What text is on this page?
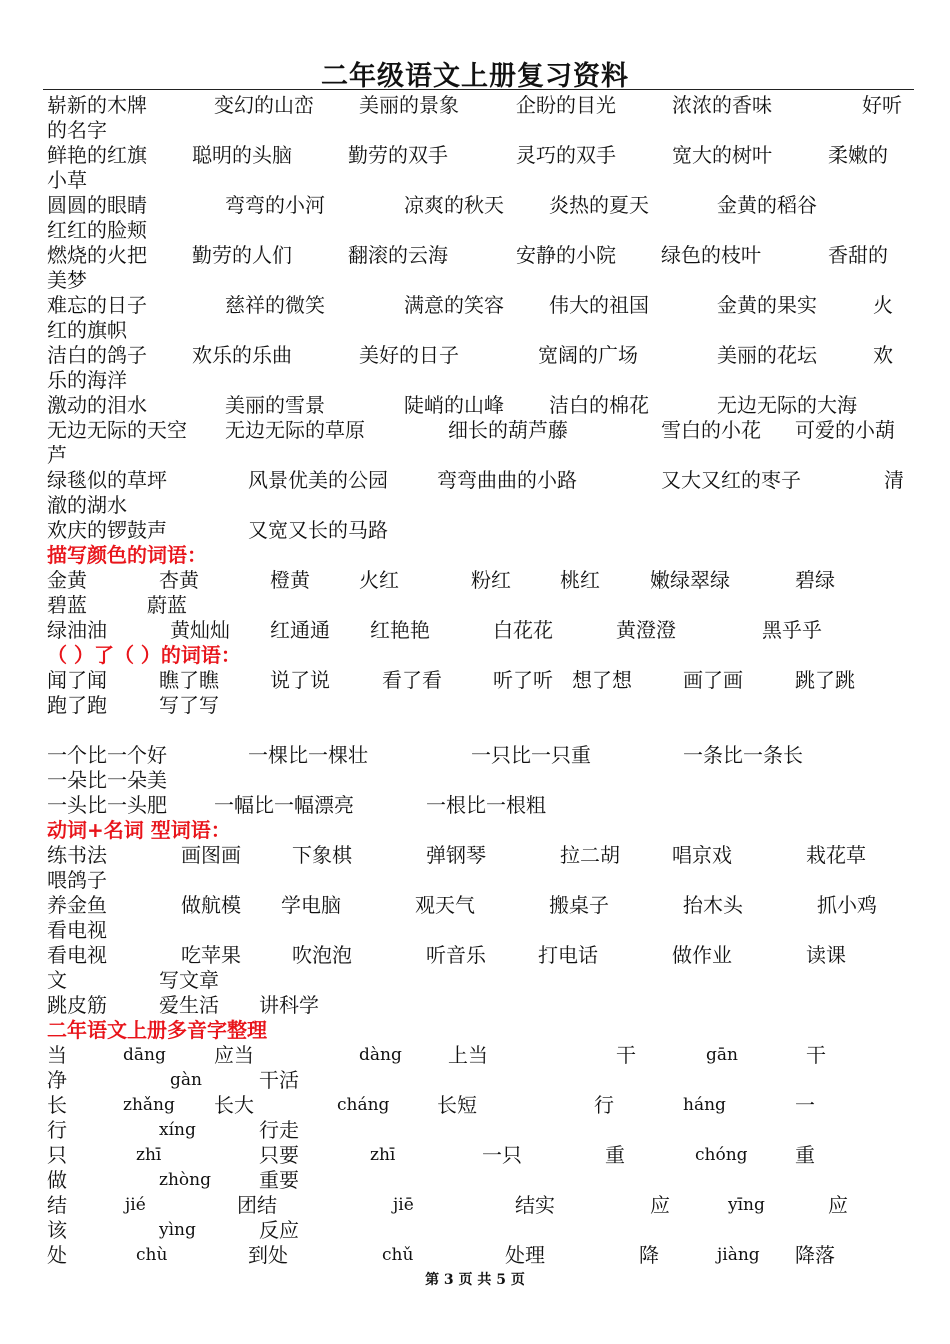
二年级语文上册复习资料
崭新的木牌	变幻的山峦 美丽的景象	企盼的目光	浓浓的香味	好听
的名字
鲜艳的红旗 聪明的头脑	勤劳的双手	灵巧的双手	宽大的树叶	柔嫩的
小草
圆圆的眼睛	弯弯的小河	凉爽的秋天 炎热的夏天	金黄的稻谷
红红的脸颊
燃烧的火把 勤劳的人们	翻滚的云海	安静的小院 绿色的枝叶	香甜的
美梦
难忘的日子	慈祥的微笑	满意的笑容 伟大的祖国	金黄的果实	火
红的旗帜
洁白的鸽子 欢乐的乐曲	美好的日子	宽阔的广场	美丽的花坛	欢
乐的海洋
激动的泪水	美丽的雪景	陡峭的山峰 洁白的棉花	无边无际的大海
无边无际的天空 无边无际的草原	细长的葫芦藤	雪白的小花 可爱的小葫
芦
绿毯似的草坪	风景优美的公园 弯弯曲曲的小路	又大又红的枣子	清
澈的湖水
欢庆的锣鼓声	又宽又长的马路
描写颜色的词语：
金黄	杏黄	橙黄 火红	粉红 桃红	嫩绿翠绿	碧绿
碧蓝	蔚蓝
绿油油	黄灿灿 红通通 红艳艳	白花花	黄澄澄	黑乎乎
（ ）了（ ）的词语：
闻了闻	瞧了瞧	说了说	看了看	听了听 想了想	画了画	跳了跳
跑了跑	写了写
一个比一个好	一棵比一棵壮	一只比一只重	一条比一条长
一朵比一朵美
一头比一头肥 一幅比一幅漂亮	一根比一根粗
动词+名词 型词语：
练书法	画图画	下象棋	弹钢琴	拉二胡	唱京戏	栽花草
喂鸽子
养金鱼	做航模 学电脑	观天气	搬桌子	抬木头	抓小鸡
看电视
看电视	吃苹果	吹泡泡	听音乐	打电话	做作业	读课
文	写文章
跳皮筋	爱生活 讲科学
二年语文上册多音字整理
当	dāng 应当	dàng 上当	干	gān	干
净	gàn	干活
长	zhǎng 长大	cháng 长短	行	háng	一
行	xíng	行走
只	zhī	只要	zhī	一只	重	chóng 重
做	zhòng 重要
结	jié	团结	jiē	结实	应	yīng	应
该	yìng	反应
处	chù	到处	chǔ	处理	降	jiàng 降落
第 3 页 共 5 页
